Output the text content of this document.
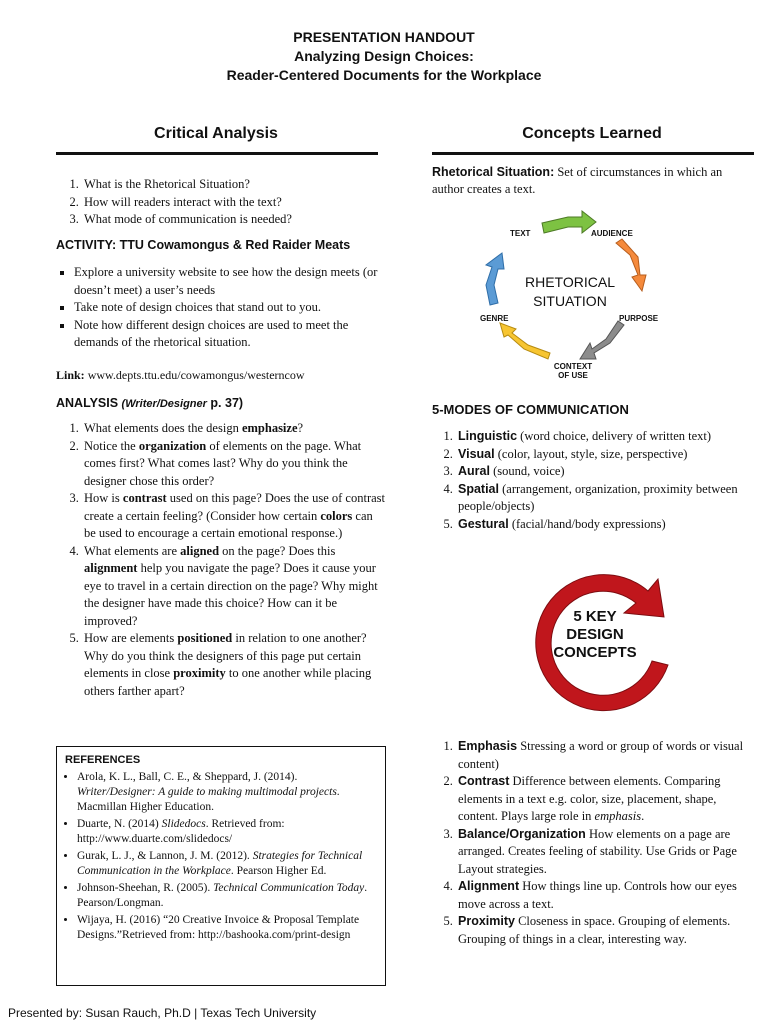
PRESENTATION HANDOUT
Analyzing Design Choices:
Reader-Centered Documents for the Workplace
Critical Analysis	Concepts Learned
1. What is the Rhetorical Situation?
2. How will readers interact with the text?
3. What mode of communication is needed?
ACTIVITY: TTU Cowamongus & Red Raider Meats
▪ Explore a university website to see how the design meets (or doesn’t meet) a user’s needs
▪ Take note of design choices that stand out to you.
▪ Note how different design choices are used to meet the demands of the rhetorical situation.
Link: www.depts.ttu.edu/cowamongus/westerncow
ANALYSIS (Writer/Designer p. 37)
1. What elements does the design emphasize?
2. Notice the organization of elements on the page. What comes first? What comes last? Why do you think the designer chose this order?
3. How is contrast used on this page? Does the use of contrast create a certain feeling? (Consider how certain colors can be used to encourage a certain emotional response.)
4. What elements are aligned on the page? Does this alignment help you navigate the page? Does it cause your eye to travel in a certain direction on the page? Why might the designer have made this choice? How can it be improved?
5. How are elements positioned in relation to one another? Why do you think the designers of this page put certain elements in close proximity to one another while placing others farther apart?
REFERENCES
• Arola, K. L., Ball, C. E., & Sheppard, J. (2014). Writer/Designer: A guide to making multimodal projects. Macmillan Higher Education.
• Duarte, N. (2014) Slidedocs. Retrieved from: http://www.duarte.com/slidedocs/
• Gurak, L. J., & Lannon, J. M. (2012). Strategies for Technical Communication in the Workplace. Pearson Higher Ed.
• Johnson-Sheehan, R. (2005). Technical Communication Today. Pearson/Longman.
• Wijaya, H. (2016) “20 Creative Invoice & Proposal Template Designs.”Retrieved from: http://bashooka.com/print-design
Rhetorical Situation: Set of circumstances in which an author creates a text.
TEXT	AUDIENCE
GENRE	PURPOSE
CONTEXT
OF USE
RHETORICAL
SITUATION
5-MODES OF COMMUNICATION
1. Linguistic (word choice, delivery of written text)
2. Visual (color, layout, style, size, perspective)
3. Aural (sound, voice)
4. Spatial (arrangement, organization, proximity between people/objects)
5. Gestural (facial/hand/body expressions)
5 KEY
DESIGN
CONCEPTS
1. Emphasis Stressing a word or group of words or visual content)
2. Contrast Difference between elements. Comparing elements in a text e.g. color, size, placement, shape, content. Plays large role in emphasis.
3. Balance/Organization How elements on a page are arranged. Creates feeling of stability. Use Grids or Page Layout strategies.
4. Alignment How things line up. Controls how our eyes move across a text.
5. Proximity Closeness in space. Grouping of elements. Grouping of things in a clear, interesting way.
Presented by: Susan Rauch, Ph.D | Texas Tech University
